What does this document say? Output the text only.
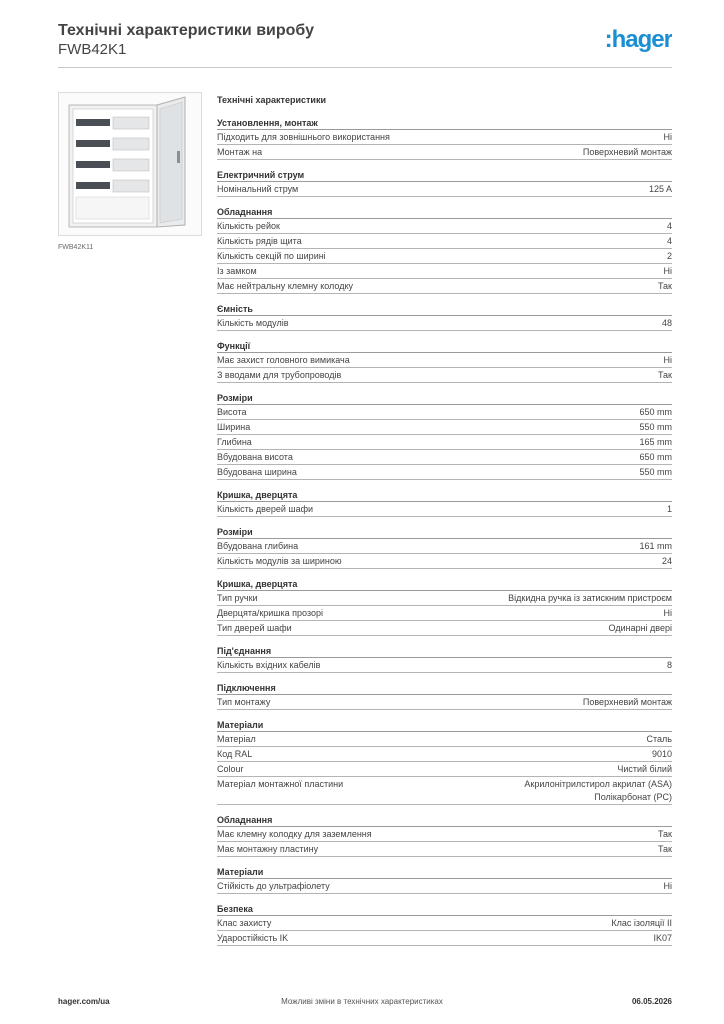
Технічні характеристики виробу
FWB42K1	:hager
FWB42K11
Технічні характеристики
Установлення, монтаж
Підходить для зовнішнього використання	Ні
Монтаж на	Поверхневий монтаж
Електричний струм
Номінальний струм	125 A
Обладнання
Кількість рейок	4
Кількість рядів щита	4
Кількість секцій по ширині	2
Із замком	Ні
Має нейтральну клемну колодку	Так
Ємність
Кількість модулів	48
Функції
Має захист головного вимикача	Ні
З вводами для трубопроводів	Так
Розміри
Висота	650 mm
Ширина	550 mm
Глибина	165 mm
Вбудована висота	650 mm
Вбудована ширина	550 mm
Кришка, дверцята
Кількість дверей шафи	1
Розміри
Вбудована глибина	161 mm
Кількість модулів за шириною	24
Кришка, дверцята
Тип ручки	Відкидна ручка із затискним пристроєм
Дверцята/кришка прозорі	Ні
Тип дверей шафи	Одинарні двері
Під'єднання
Кількість вхідних кабелів	8
Підключення
Тип монтажу	Поверхневий монтаж
Матеріали
Матеріал	Сталь
Код RAL	9010
Colour	Чистий білий
Матеріал монтажної пластини	Акрилонітрилстирол акрилат (ASA) Полікарбонат (PC)
Обладнання
Має клемну колодку для заземлення	Так
Має монтажну пластину	Так
Матеріали
Стійкість до ультрафіолету	Ні
Безпека
Клас захисту	Клас ізоляції II
Ударостійкість IK	IK07
hager.com/ua	Можливі зміни в технічних характеристиках	06.05.2026
